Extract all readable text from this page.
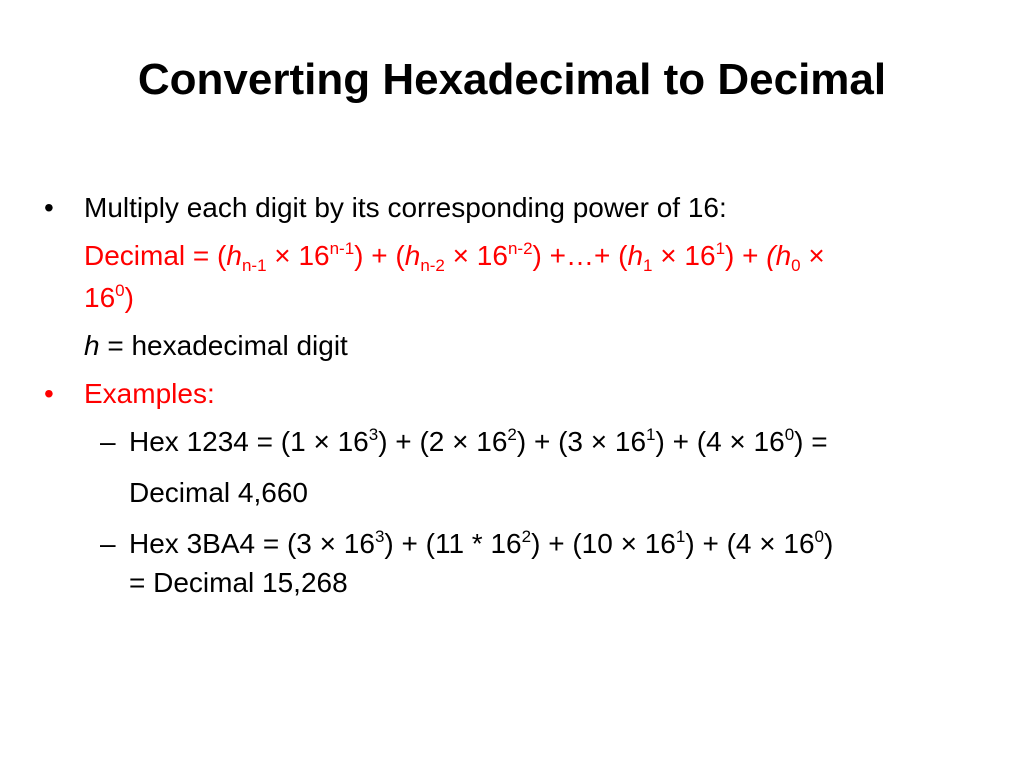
Converting Hexadecimal to Decimal
• Multiply each digit by its corresponding power of 16:
Decimal = $(h_{n-1} \times 16^{n-1}) + (h_{n-2} \times 16^{n-2})$ +…+ $(h_1 \times 16^1) + (h_0$ ×
$16^0$)
h = hexadecimal digit
• Examples:
– Hex $1234 = (1 \times 16^3) + (2 \times 16^2) + (3 \times 16^1) + (4 \times 16^0)$ =
Decimal 4,660
– Hex $3BA4 = (3 \times 16^3) + (11 * 16^2) + (10 \times 16^1) + (4 \times 16^0)$
= Decimal 15,268
